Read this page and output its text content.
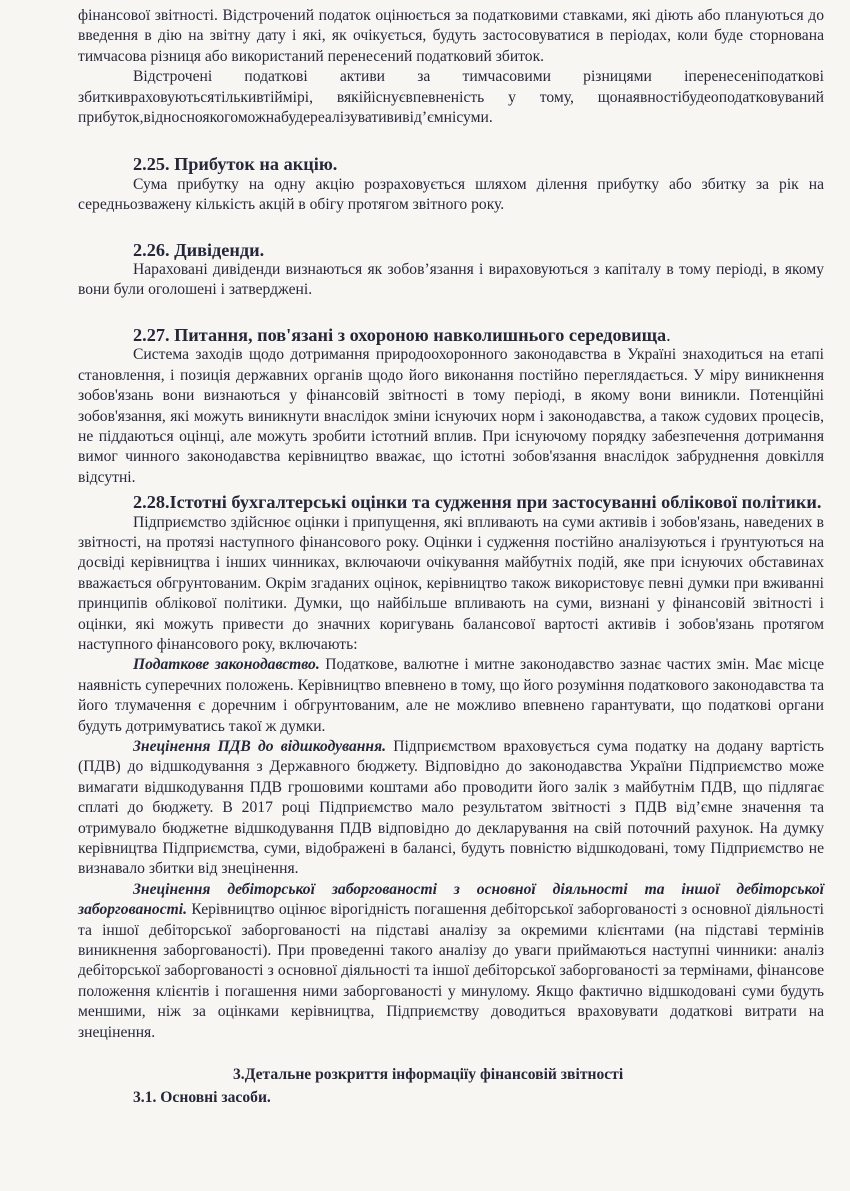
фінансової звітності. Відстрочений податок оцінюється за податковими ставками, які діють або плануються до введення в дію на звітну дату і які, як очікується, будуть застосовуватися в періодах, коли буде сторнована тимчасова різниця або використаний перенесений податковий збиток.

Відстрочені податкові активи за тимчасовими різницями іперенесеніподаткові збиткивраховуютьсятількивтіймірі, вякійіснуєвпевненість у тому, щонаявностібудеоподатковуваний прибуток,відносноякогоможнабудереалізуватививід’ємнісуми.

2.25. Прибуток на акцію.

Сума прибутку на одну акцію розраховується шляхом ділення прибутку або збитку за рік на середньозважену кількість акцій в обігу протягом звітного року.

2.26. Дивіденди.

Нараховані дивіденди визнаються як зобов’язання і вираховуються з капіталу в тому періоді, в якому вони були оголошені і затверджені.

2.27. Питання, пов'язані з охороною навколишнього середовища.

Система заходів щодо дотримання природоохоронного законодавства в Україні знаходиться на етапі становлення, і позиція державних органів щодо його виконання постійно переглядається. У міру виникнення зобов'язань вони визнаються у фінансовій звітності в тому періоді, в якому вони виникли. Потенційні зобов'язання, які можуть виникнути внаслідок зміни існуючих норм і законодавства, а також судових процесів, не піддаються оцінці, але можуть зробити істотний вплив. При існуючому порядку забезпечення дотримання вимог чинного законодавства керівництво вважає, що істотні зобов'язання внаслідок забруднення довкілля відсутні.

2.28.Істотні бухгалтерські оцінки та судження при застосуванні облікової політики.

Підприємство здійснює оцінки і припущення, які впливають на суми активів і зобов'язань, наведених в звітності, на протязі наступного фінансового року. Оцінки і судження постійно аналізуються і ґрунтуються на досвіді керівництва і інших чинниках, включаючи очікування майбутніх подій, яке при існуючих обставинах вважається обгрунтованим. Окрім згаданих оцінок, керівництво також використовує певні думки при вживанні принципів облікової політики. Думки, що найбільше впливають на суми, визнані у фінансовій звітності і оцінки, які можуть привести до значних коригувань балансової вартості активів і зобов'язань протягом наступного фінансового року, включають:

Податкове законодавство. Податкове, валютне і митне законодавство зазнає частих змін. Має місце наявність суперечних положень. Керівництво впевнено в тому, що його розуміння податкового законодавства та його тлумачення є доречним і обгрунтованим, але не можливо впевнено гарантувати, що податкові органи будуть дотримуватись такої ж думки.

Знецінення ПДВ до відшкодування. Підприємством враховується сума податку на додану вартість (ПДВ) до відшкодування з Державного бюджету. Відповідно до законодавства України Підприємство може вимагати відшкодування ПДВ грошовими коштами або проводити його залік з майбутнім ПДВ, що підлягає сплаті до бюджету. В 2017 році Підприємство мало результатом звітності з ПДВ від’ємне значення та отримувало бюджетне відшкодування ПДВ відповідно до декларування на свій поточний рахунок. На думку керівництва Підприємства, суми, відображені в балансі, будуть повністю відшкодовані, тому Підприємство не визнавало збитки від знецінення.

Знецінення дебіторської заборгованості з основної діяльності та іншої дебіторської заборгованості. Керівництво оцінює вірогідність погашення дебіторської заборгованості з основної діяльності та іншої дебіторської заборгованості на підставі аналізу за окремими клієнтами (на підставі термінів виникнення заборгованості). При проведенні такого аналізу до уваги приймаються наступні чинники: аналіз дебіторської заборгованості з основної діяльності та іншої дебіторської заборгованості за термінами, фінансове положення клієнтів і погашення ними заборгованості у минулому. Якщо фактично відшкодовані суми будуть меншими, ніж за оцінками керівництва, Підприємству доводиться враховувати додаткові витрати на знецінення.

3.Детальне розкриття інформаціїу фінансовій звітності
3.1. Основні засоби.
